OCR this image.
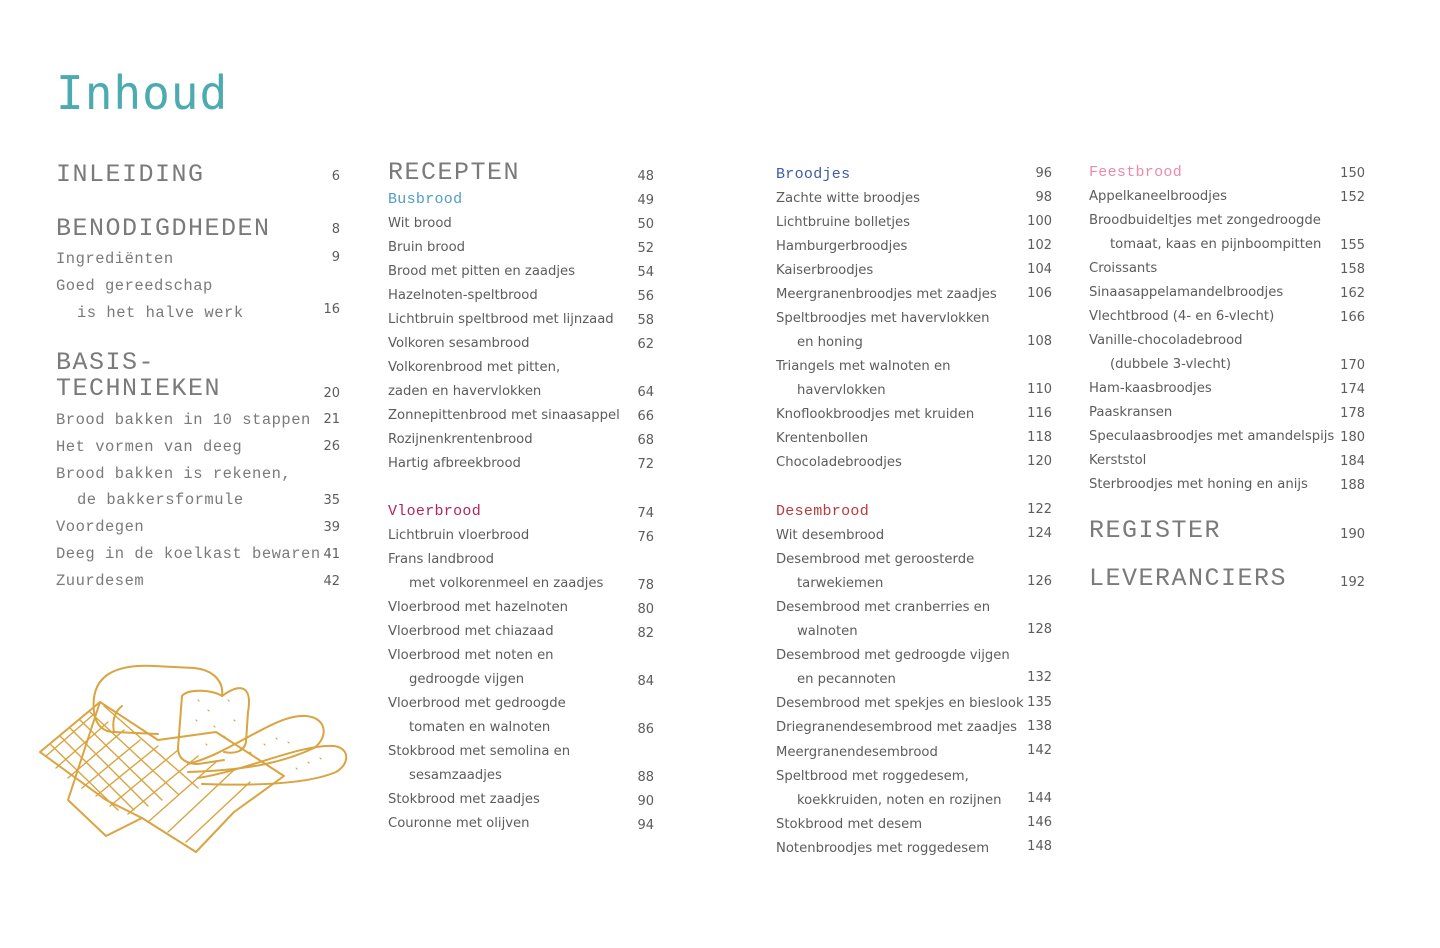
Inhoud
INLEIDING	6
BENODIGDHEDEN	8
Ingrediënten	9
Goed gereedschap
is het halve werk	16
BASIS-
TECHNIEKEN	20
Brood bakken in 10 stappen 21
Het vormen van deeg	26
Brood bakken is rekenen,
de bakkersformule	35
Voordegen	39
Deeg in de koelkast bewaren 41
Zuurdesem	42
RECEPTEN	48
Busbrood	49
Wit brood	50
Bruin brood	52
Brood met pitten en zaadjes	54
Hazelnoten-speltbrood	56
Lichtbruin speltbrood met lijnzaad 58
Volkoren sesambrood	62
Volkorenbrood met pitten,
zaden en havervlokken	64
Zonnepittenbrood met sinaasappel 66
Rozijnenkrentenbrood	68
Hartig afbreekbrood	72
Vloerbrood	74
Lichtbruin vloerbrood	76
Frans landbrood
met volkorenmeel en zaadjes	78
Vloerbrood met hazelnoten	80
Vloerbrood met chiazaad	82
Vloerbrood met noten en
gedroogde vijgen	84
Vloerbrood met gedroogde
tomaten en walnoten	86
Stokbrood met semolina en
sesamzaadjes	88
Stokbrood met zaadjes	90
Couronne met olijven	94
Broodjes	96
Zachte witte broodjes	98
Lichtbruine bolletjes	100
Hamburgerbroodjes	102
Kaiserbroodjes	104
Meergranenbroodjes met zaadjes 106
Speltbroodjes met havervlokken
en honing	108
Triangels met walnoten en
havervlokken	110
Knoflookbroodjes met kruiden	116
Krentenbollen	118
Chocoladebroodjes	120
Desembrood	122
Wit desembrood	124
Desembrood met geroosterde
tarwekiemen	126
Desembrood met cranberries en
walnoten	128
Desembrood met gedroogde vijgen
en pecannoten	132
Desembrood met spekjes en bieslook 135
Driegranendesembrood met zaadjes 138
Meergranendesembrood	142
Speltbrood met roggedesem,
koekkruiden, noten en rozijnen 144
Stokbrood met desem	146
Notenbroodjes met roggedesem	148
Feestbrood	150
Appelkaneelbroodjes	152
Broodbuideltjes met zongedroogde
tomaat, kaas en pijnboompitten 155
Croissants	158
Sinaasappelamandelbroodjes	162
Vlechtbrood (4- en 6-vlecht)	166
Vanille-chocoladebrood
(dubbele 3-vlecht)	170
Ham-kaasbroodjes	174
Paaskransen	178
Speculaasbroodjes met amandelspijs 180
Kerststol	184
Sterbroodjes met honing en anijs 188
REGISTER	190
LEVERANCIERS	192
